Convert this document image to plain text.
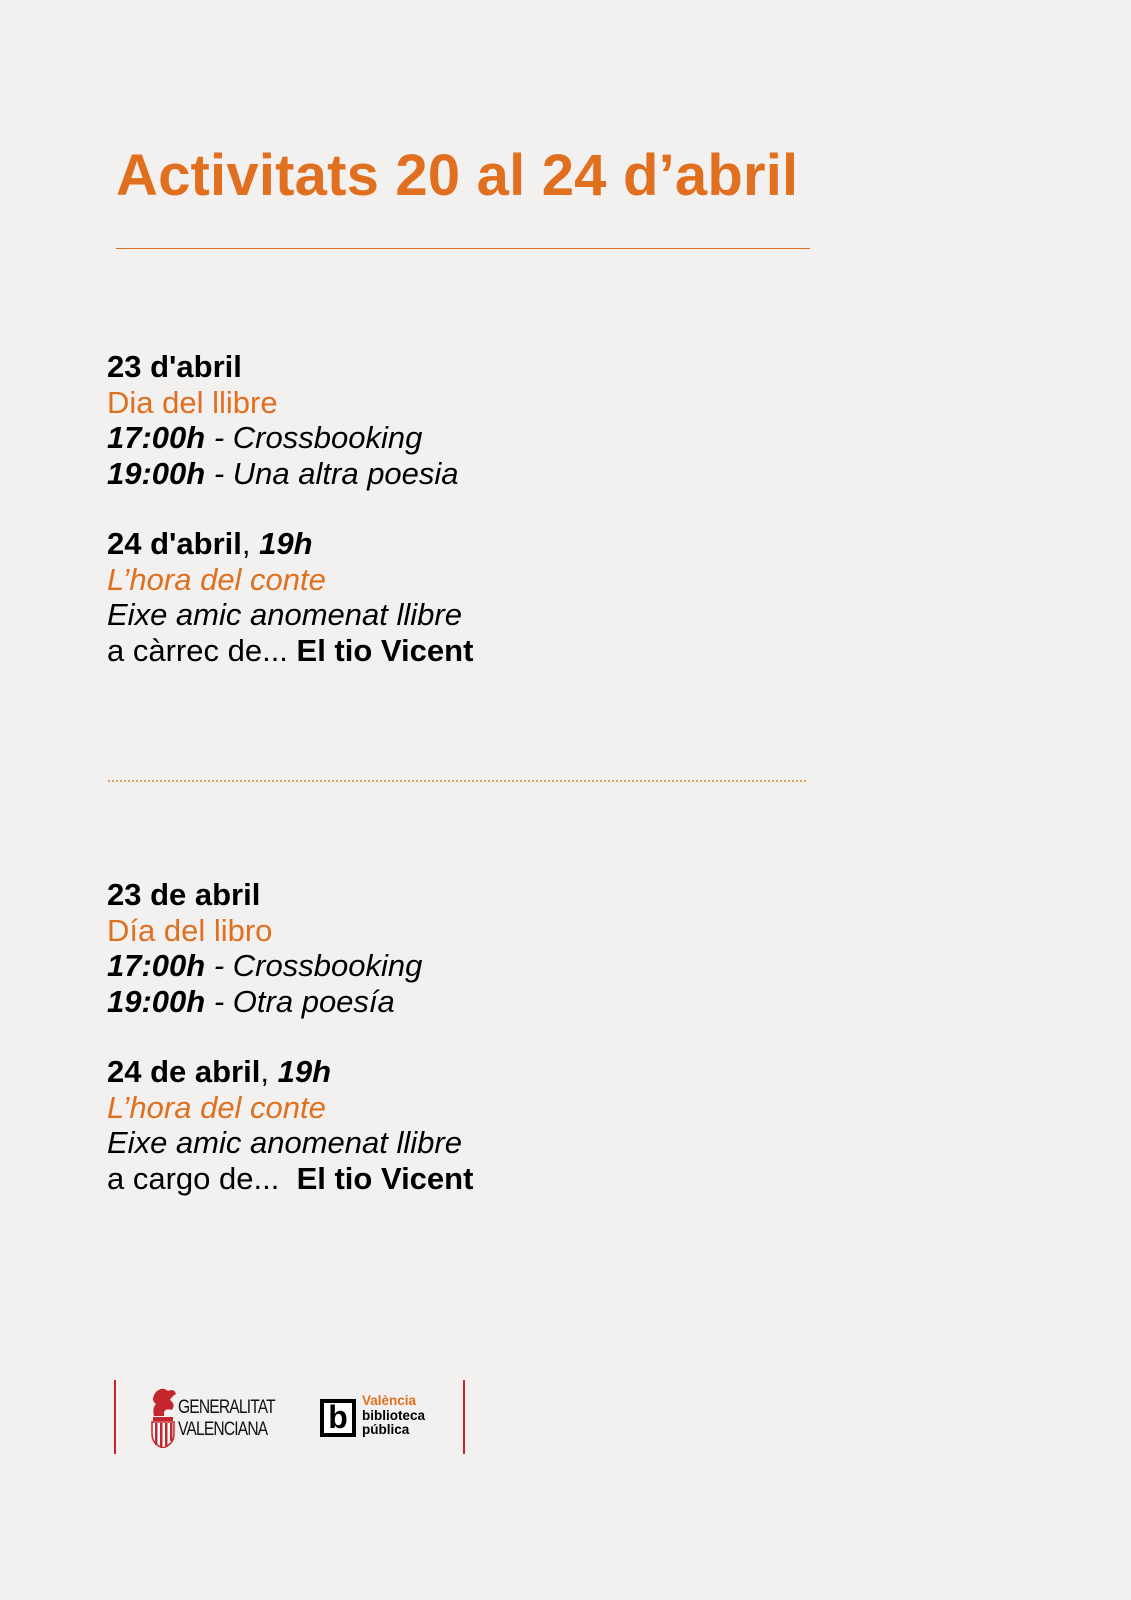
Activitats 20 al 24 d’abril

23 d'abril

Dia del llibre

17:00h - Crossbooking

19:00h - Una altra poesia

24 d'abril, 19h

L’hora del conte

Eixe amic anomenat llibre

a càrrec de... El tio Vicent

23 de abril

Día del libro

17:00h - Crossbooking

19:00h - Otra poesía

24 de abril, 19h

L’hora del conte

Eixe amic anomenat llibre

a cargo de...  El tio Vicent

GENERALITAT
VALENCIANA b	València
biblioteca
pública
